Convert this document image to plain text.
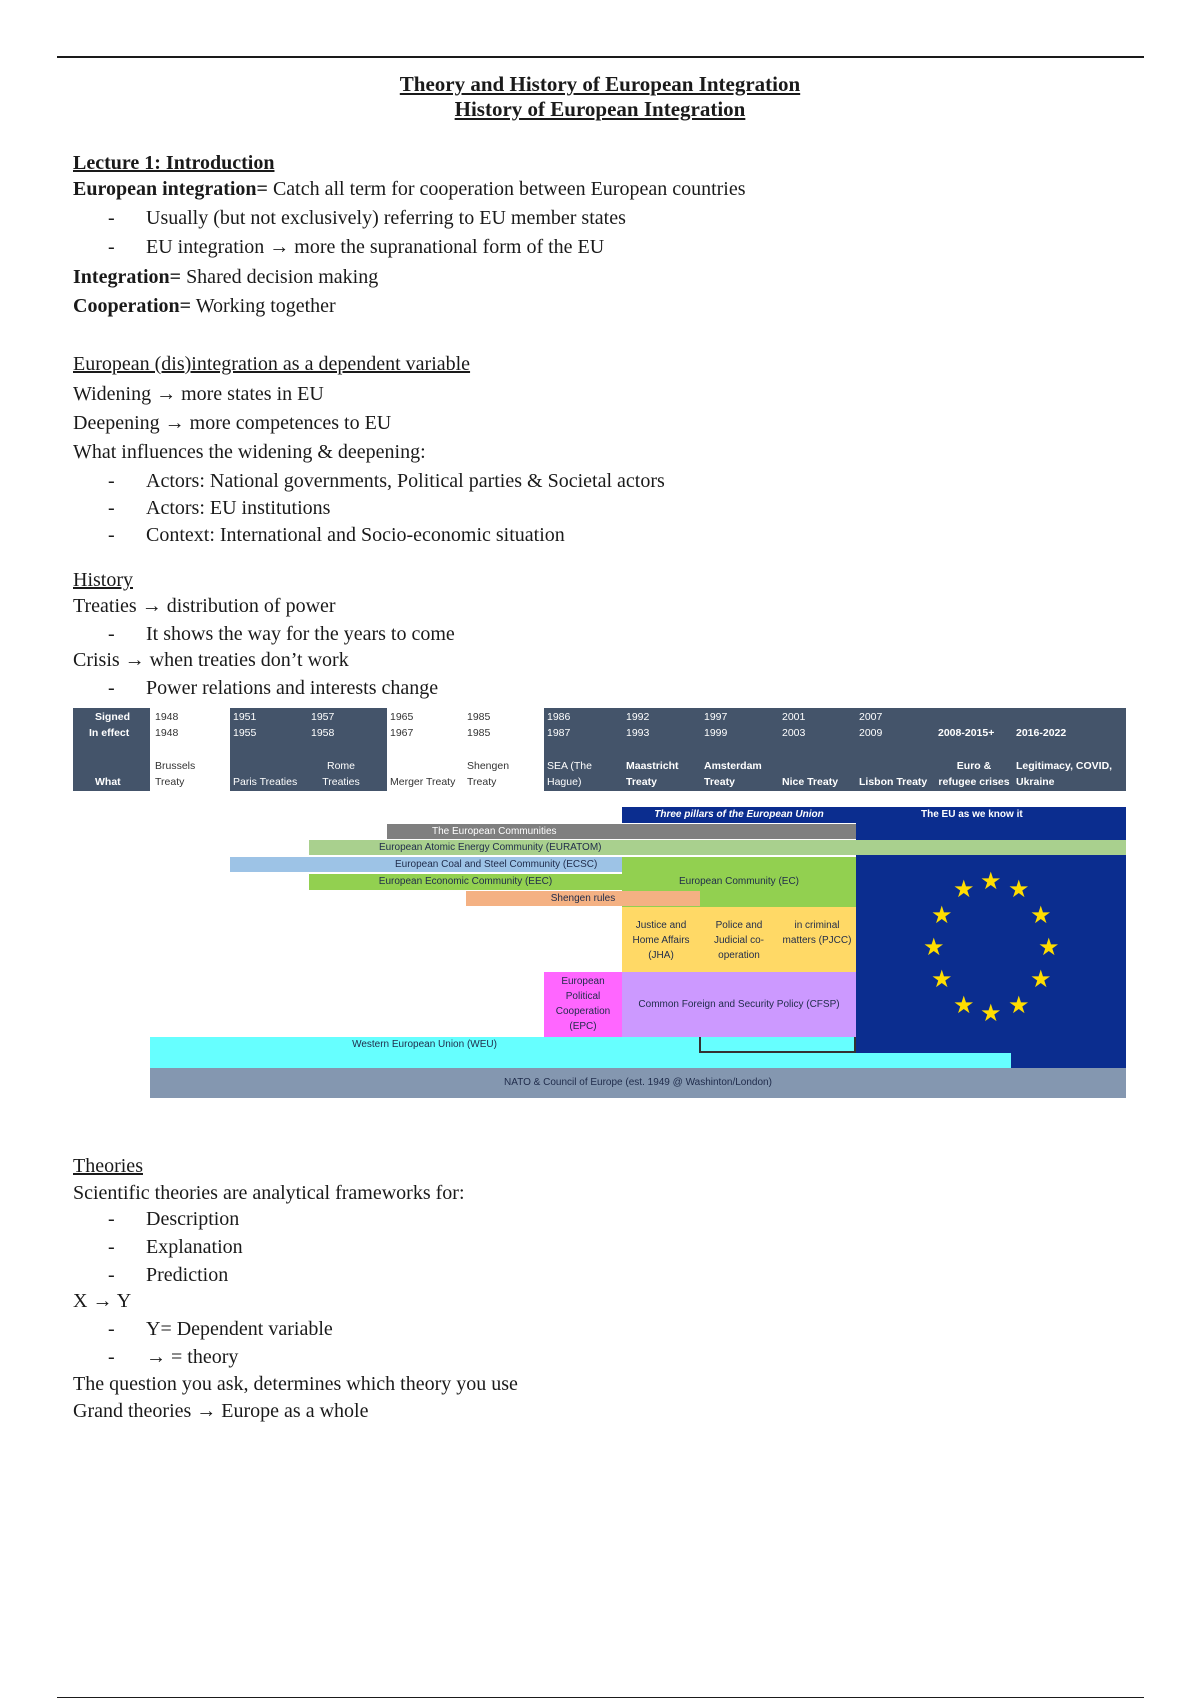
Theory and History of European Integration
History of European Integration
Lecture 1: Introduction
European integration= Catch all term for cooperation between European countries
- Usually (but not exclusively) referring to EU member states
- EU integration → more the supranational form of the EU
Integration= Shared decision making
Cooperation= Working together
European (dis)integration as a dependent variable
Widening → more states in EU
Deepening → more competences to EU
What influences the widening & deepening:
- Actors: National governments, Political parties & Societal actors
- Actors: EU institutions
- Context: International and Socio-economic situation
History
Treaties → distribution of power
- It shows the way for the years to come
Crisis → when treaties don’t work
- Power relations and interests change
Theories
Scientific theories are analytical frameworks for:
- Description
- Explanation
- Prediction
X → Y
- Y= Dependent variable
- → = theory
The question you ask, determines which theory you use
Grand theories → Europe as a whole
Signed
In effect
What
1948
1948
Brussels Treaty
1951
1955
Paris Treaties
1957
1958
Rome Treaties
1965
1967
Merger Treaty
1985
1985
Shengen Treaty
1986
1987
SEA (The Hague)
1992
1993
Maastricht Treaty
1997
1999
Amsterdam Treaty
2001
2003
Nice Treaty
2007
2009
Lisbon Treaty
2008-2015+
Euro & refugee crises
2016-2022
Legitimacy, COVID, Ukraine
Three pillars of the European Union	The EU as we know it
★ ★
★
★
★
★
★
★
★
★
★ ★
The European Communities
European Atomic Energy Community (EURATOM)
European Coal and Steel Community (ECSC)
European Economic Community (EEC)	European Community (EC)
Shengen rules
Justice and Home Affairs (JHA)
Police and Judicial co-operation
in criminal matters (PJCC)
European Political Cooperation (EPC)
Common Foreign and Security Policy (CFSP)
Western European Union (WEU)
NATO & Council of Europe (est. 1949 @ Washinton/London)
